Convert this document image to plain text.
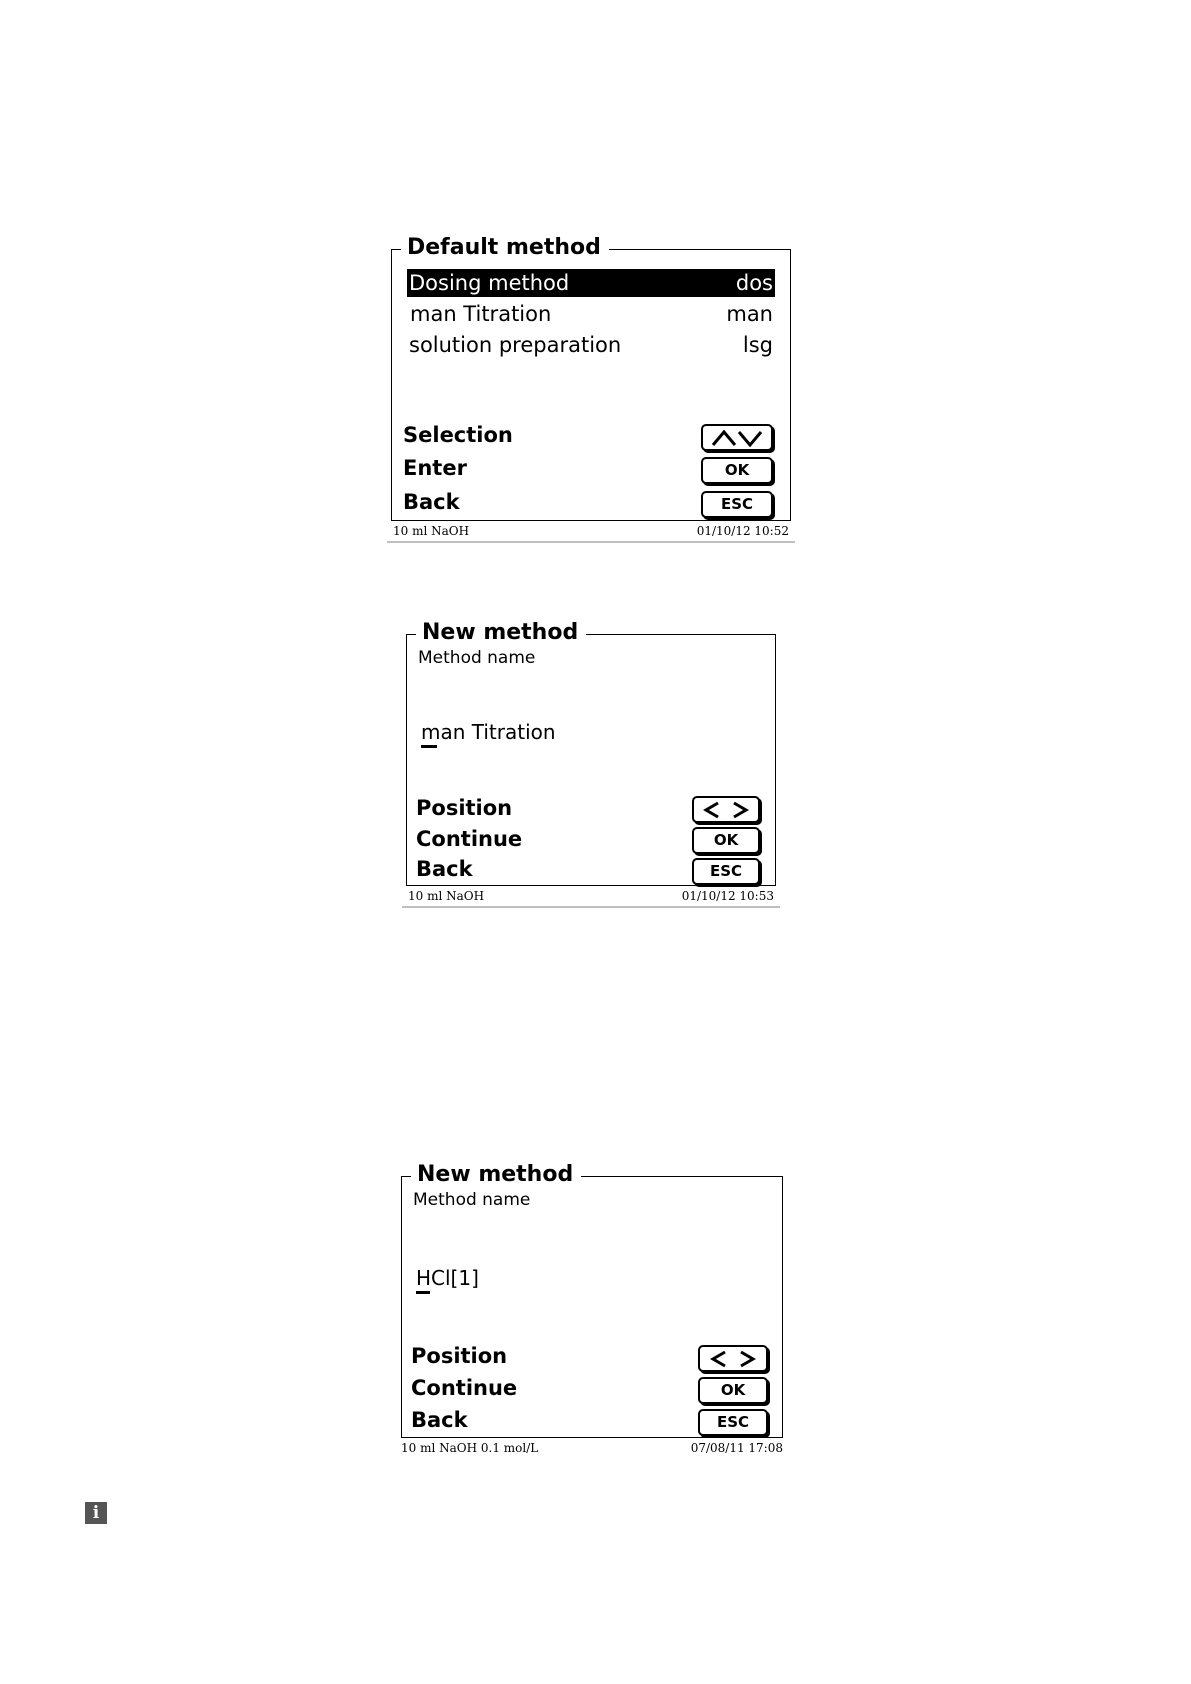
Default method
Dosing method	dos
man Titration	man
solution preparation	lsg
Selection
Enter	OK
Back	ESC
10 ml NaOH	01/10/12 10:52
New method
Method name
man Titration
Position
Continue	OK
Back	ESC
10 ml NaOH	01/10/12 10:53
New method
Method name
HCl[1]
Position
Continue	OK
Back	ESC
10 ml NaOH 0.1 mol/L	07/08/11 17:08
i
